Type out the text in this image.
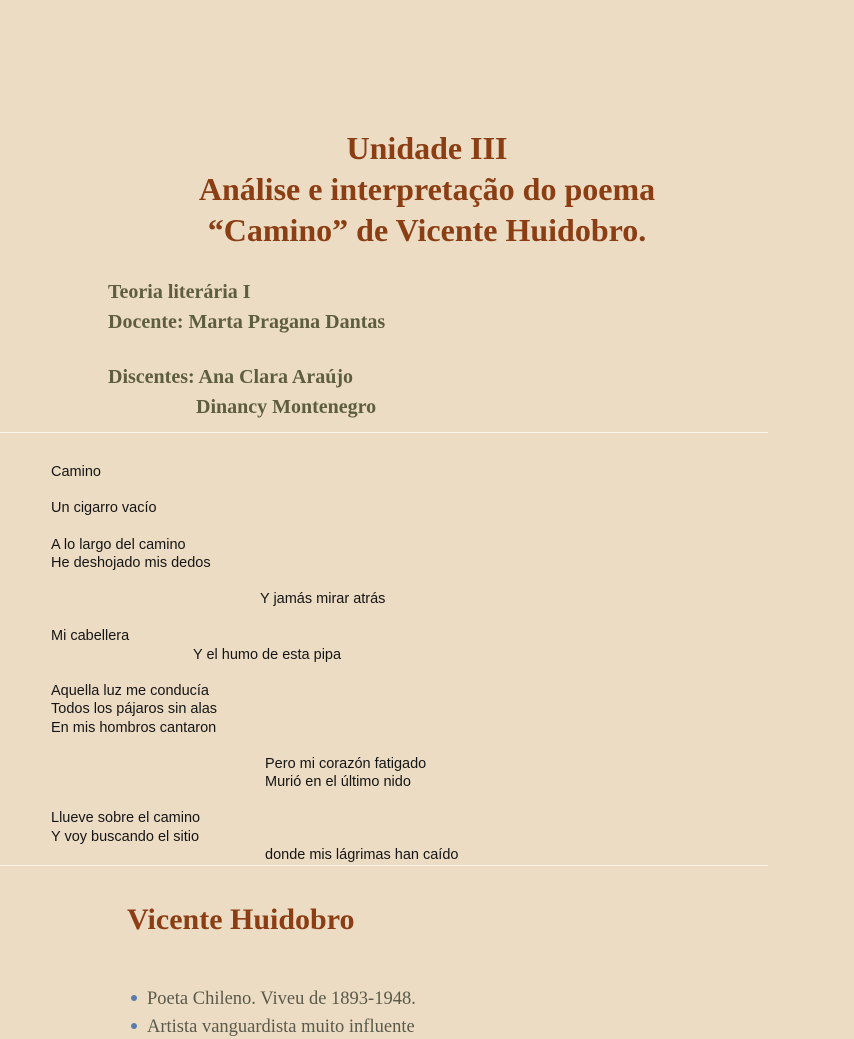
Unidade III
Análise e interpretação do poema
“Camino” de Vicente Huidobro.
Teoria literária I
Docente: Marta Pragana Dantas
Discentes: Ana Clara Araújo
Dinancy Montenegro
Camino
Un cigarro vacío
A lo largo del camino
He deshojado mis dedos
Y jamás mirar atrás
Mi cabellera
Y el humo de esta pipa
Aquella luz me conducía
Todos los pájaros sin alas
En mis hombros cantaron
Pero mi corazón fatigado
Murió en el último nido
Llueve sobre el camino
Y voy buscando el sitio
donde mis lágrimas han caído
Vicente Huidobro
Poeta Chileno. Viveu de 1893-1948.
Artista vanguardista muito influente
